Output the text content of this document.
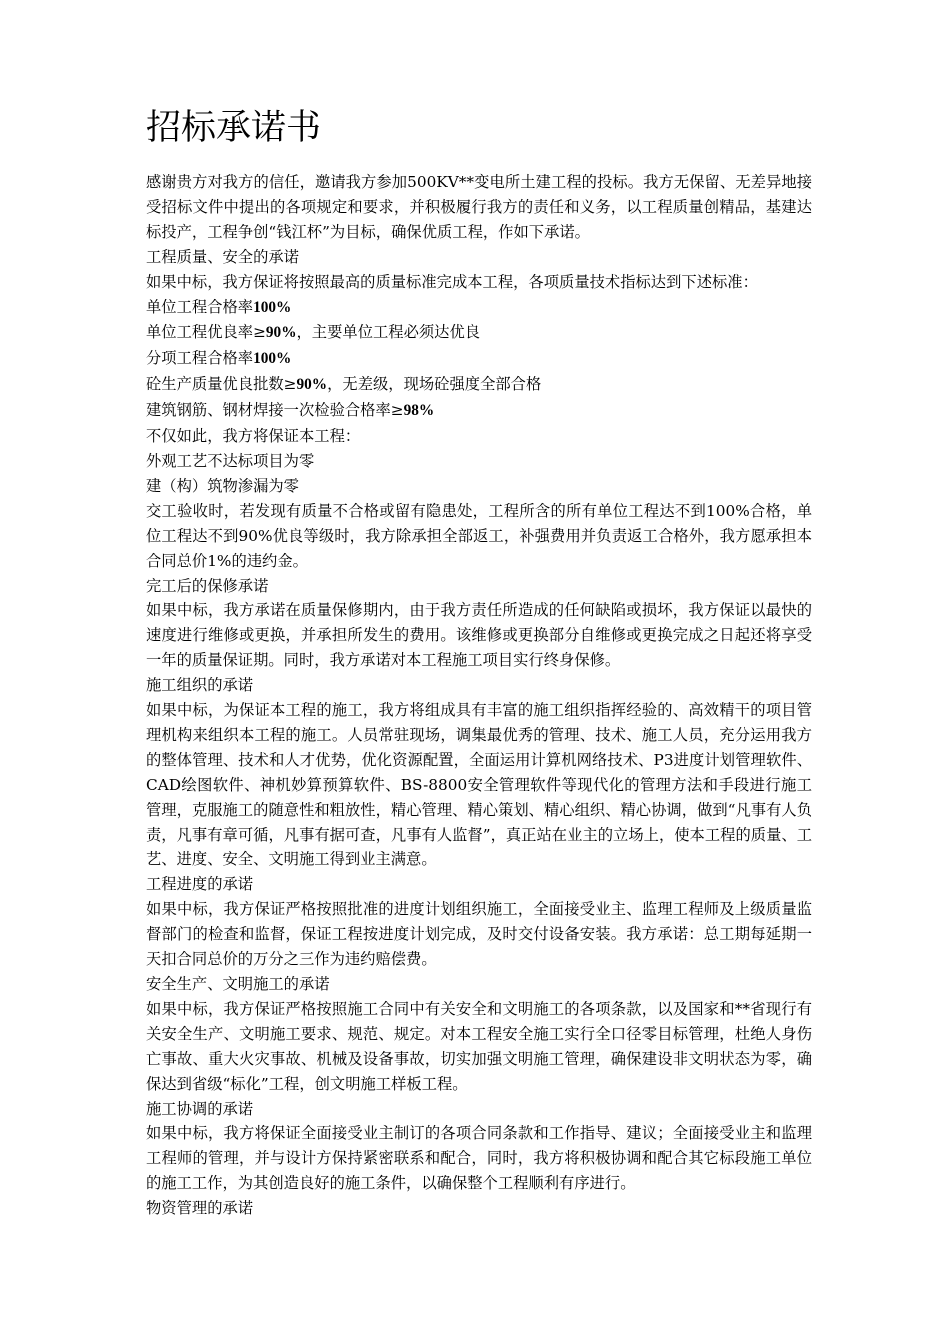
招标承诺书

感谢贵方对我方的信任，邀请我方参加500KV**变电所土建工程的投标。我方无保留、无差异地接受招标文件中提出的各项规定和要求，并积极履行我方的责任和义务，以工程质量创精品，基建达标投产，工程争创“钱江杯”为目标，确保优质工程，作如下承诺。

工程质量、安全的承诺

如果中标，我方保证将按照最高的质量标准完成本工程，各项质量技术指标达到下述标准：

单位工程合格率100%

单位工程优良率≥90%，主要单位工程必须达优良

分项工程合格率100%

砼生产质量优良批数≥90%，无差级，现场砼强度全部合格

建筑钢筋、钢材焊接一次检验合格率≥98%

不仅如此，我方将保证本工程：

外观工艺不达标项目为零

建（构）筑物渗漏为零

交工验收时，若发现有质量不合格或留有隐患处，工程所含的所有单位工程达不到100%合格，单位工程达不到90%优良等级时，我方除承担全部返工，补强费用并负责返工合格外，我方愿承担本合同总价1%的违约金。

完工后的保修承诺

如果中标，我方承诺在质量保修期内，由于我方责任所造成的任何缺陷或损坏，我方保证以最快的速度进行维修或更换，并承担所发生的费用。该维修或更换部分自维修或更换完成之日起还将享受一年的质量保证期。同时，我方承诺对本工程施工项目实行终身保修。

施工组织的承诺

如果中标，为保证本工程的施工，我方将组成具有丰富的施工组织指挥经验的、高效精干的项目管理机构来组织本工程的施工。人员常驻现场，调集最优秀的管理、技术、施工人员，充分运用我方的整体管理、技术和人才优势，优化资源配置，全面运用计算机网络技术、P3进度计划管理软件、CAD绘图软件、神机妙算预算软件、BS-8800安全管理软件等现代化的管理方法和手段进行施工管理，克服施工的随意性和粗放性，精心管理、精心策划、精心组织、精心协调，做到“凡事有人负责，凡事有章可循，凡事有据可查，凡事有人监督”，真正站在业主的立场上，使本工程的质量、工艺、进度、安全、文明施工得到业主满意。

工程进度的承诺

如果中标，我方保证严格按照批准的进度计划组织施工，全面接受业主、监理工程师及上级质量监督部门的检查和监督，保证工程按进度计划完成，及时交付设备安装。我方承诺：总工期每延期一天扣合同总价的万分之三作为违约赔偿费。

安全生产、文明施工的承诺

如果中标，我方保证严格按照施工合同中有关安全和文明施工的各项条款，以及国家和**省现行有关安全生产、文明施工要求、规范、规定。对本工程安全施工实行全口径零目标管理，杜绝人身伤亡事故、重大火灾事故、机械及设备事故，切实加强文明施工管理，确保建设非文明状态为零，确保达到省级“标化”工程，创文明施工样板工程。

施工协调的承诺

如果中标，我方将保证全面接受业主制订的各项合同条款和工作指导、建议；全面接受业主和监理工程师的管理，并与设计方保持紧密联系和配合，同时，我方将积极协调和配合其它标段施工单位的施工工作，为其创造良好的施工条件，以确保整个工程顺利有序进行。

物资管理的承诺
